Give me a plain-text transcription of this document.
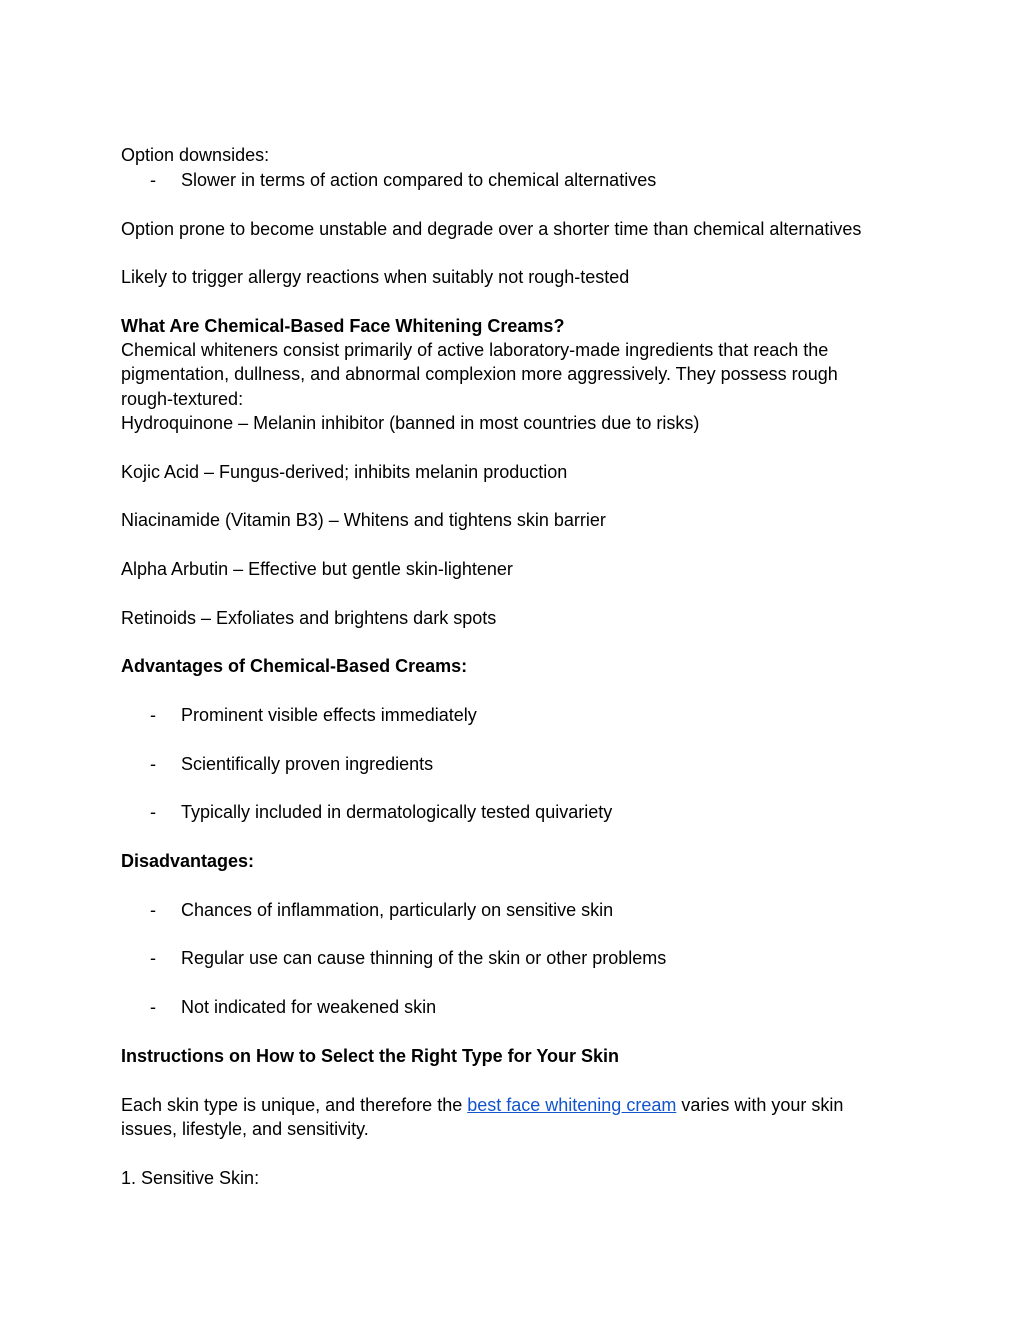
Option downsides:
- Slower in terms of action compared to chemical alternatives
Option prone to become unstable and degrade over a shorter time than chemical alternatives
Likely to trigger allergy reactions when suitably not rough-tested
What Are Chemical-Based Face Whitening Creams?
Chemical whiteners consist primarily of active laboratory-made ingredients that reach the
pigmentation, dullness, and abnormal complexion more aggressively. They possess rough
rough-textured:
Hydroquinone – Melanin inhibitor (banned in most countries due to risks)
Kojic Acid – Fungus-derived; inhibits melanin production
Niacinamide (Vitamin B3) – Whitens and tightens skin barrier
Alpha Arbutin – Effective but gentle skin-lightener
Retinoids – Exfoliates and brightens dark spots
Advantages of Chemical-Based Creams:
- Prominent visible effects immediately
- Scientifically proven ingredients
- Typically included in dermatologically tested quivariety
Disadvantages:
- Chances of inflammation, particularly on sensitive skin
- Regular use can cause thinning of the skin or other problems
- Not indicated for weakened skin
Instructions on How to Select the Right Type for Your Skin
Each skin type is unique, and therefore the best face whitening cream varies with your skin
issues, lifestyle, and sensitivity.
1. Sensitive Skin:
